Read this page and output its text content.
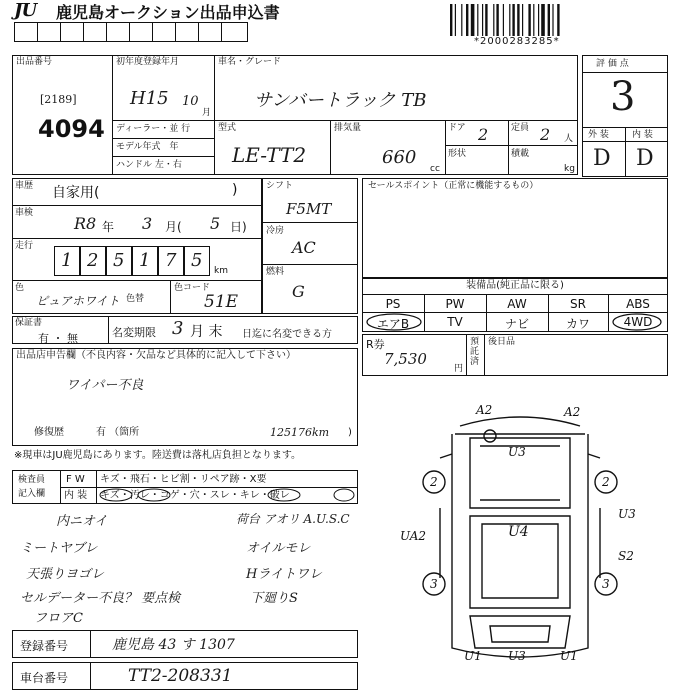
JU	鹿児島オークション出品申込書
*2000283285*
出品番号
[2189]
4094
初年度登録年月
H15 10
月
ディーラー・並 行
モデル年式　年
ハンドル 左・右
車名・グレード
サンバートラック TB
型式
LE-TT2
排気量
660
cc
ドア 2	定員 2 人
形状	積載
kg
評 価 点
3
外 装	内 装
D D
車歴 自家用(	)
車検
R8 年 3 月( 5 日)
走行
1 2 5 1 7 5 km
色
ピュアホワイト 色替
色コード
51E
シフト
F5MT
冷房
AC
燃料
G
セールスポイント（正常に機能するもの）
装備品(純正品に限る)
PS	PW	AW	SR	ABS
エアB	TV	ナビ	カワ	4WD
保証書
有 ・ 無	名変期限 3 月 末 日迄に名変できる方
R券
7,530
円
預託済
後日品
出品店申告欄（不良内容・欠品など具体的に記入して下さい）
ワイパー不良
修復歴	有 （箇所	)
125176km
※現車はJU鹿児島にあります。陸送費は落札店負担となります。
検査員
記入欄
F W キズ・飛石・ヒビ割・リペア跡・X要
内 装 キズ・汚レ・コゲ・穴・スレ・キレ・破レ
内ニオイ
ミートヤブレ
天張りヨゴレ
セルデーター不良？ 要点検
フロアC
荷台 アオリ A.U.S.C
オイルモレ
Hライトワレ
下廻りS
登録番号	鹿児島 43 す 1307
車台番号	TT2-208331
A2	A2
U3
2	2
U4
UA2
U3
S2
3	3
U1 U3	U1
